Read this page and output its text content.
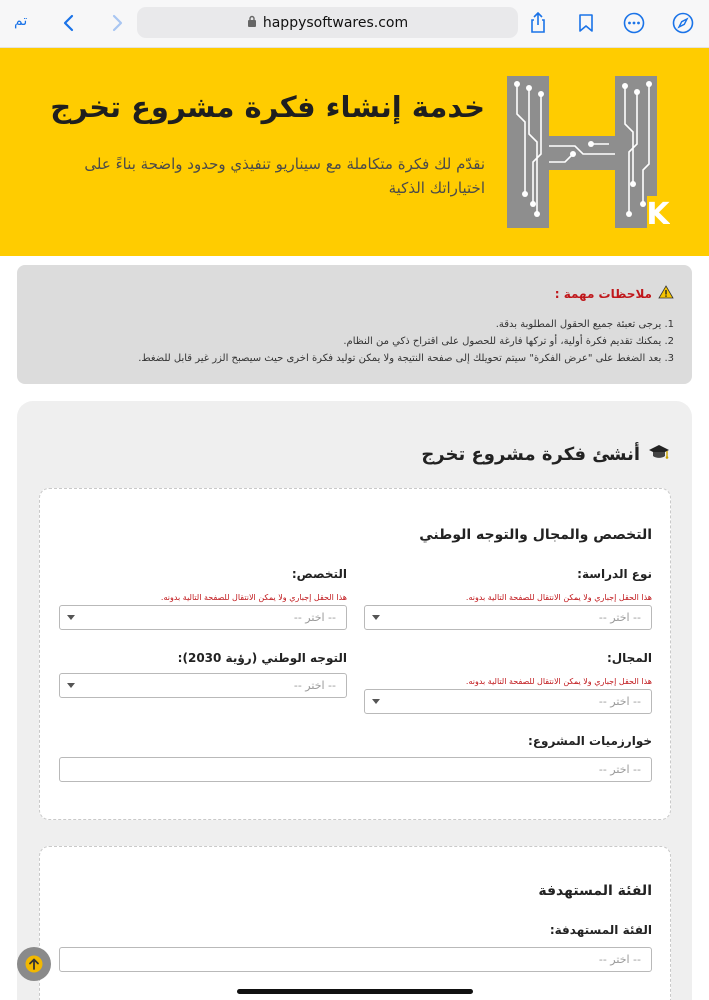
تم	happysoftwares.com
خدمة إنشاء فكرة مشروع تخرج
نقدّم لك فكرة متكاملة مع سيناريو تنفيذي وحدود واضحة بناءً على اختياراتك الذكية
K
ملاحظات مهمة :
1. يرجى تعبئة جميع الحقول المطلوبة بدقة.
2. يمكنك تقديم فكرة أولية، أو تركها فارغة للحصول على اقتراح ذكي من النظام.
3. بعد الضغط على "عرض الفكرة" سيتم تحويلك إلى صفحة النتيجة ولا يمكن توليد فكرة اخرى حيث سيصبح الزر غير قابل للضغط.
أنشئ فكرة مشروع تخرج
التخصص والمجال والتوجه الوطني
نوع الدراسة:
هذا الحقل إجباري ولا يمكن الانتقال للصفحة التالية بدونه.
-- اختر --
التخصص:
هذا الحقل إجباري ولا يمكن الانتقال للصفحة التالية بدونه.
-- اختر --
المجال:
هذا الحقل إجباري ولا يمكن الانتقال للصفحة التالية بدونه.
-- اختر --
التوجه الوطني (رؤية 2030):
-- اختر --
خوارزميات المشروع:
-- اختر --
الفئة المستهدفة
الفئة المستهدفة:
-- اختر --
